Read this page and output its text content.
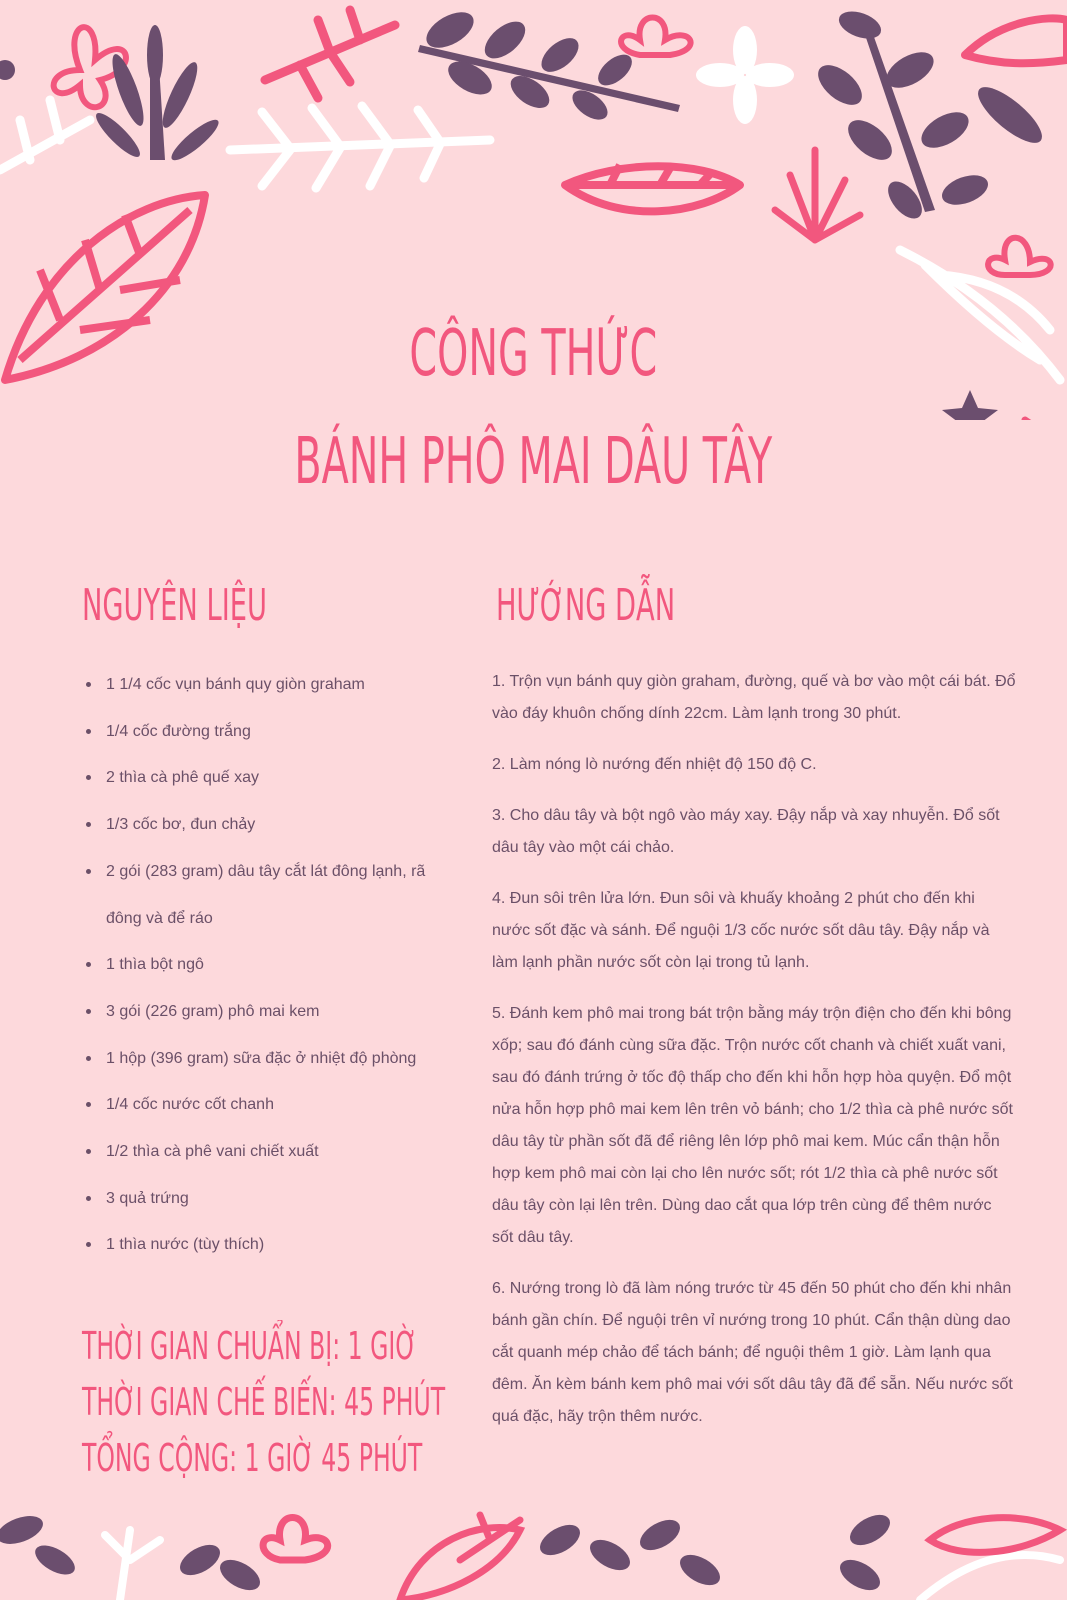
CÔNG THỨC
BÁNH PHÔ MAI DÂU TÂY
NGUYÊN LIỆU	HƯỚNG DẪN
1 1/4 cốc vụn bánh quy giòn graham
1/4 cốc đường trắng
2 thìa cà phê quế xay
1/3 cốc bơ, đun chảy
2 gói (283 gram) dâu tây cắt lát đông lạnh, rã đông và để ráo
1 thìa bột ngô
3 gói (226 gram) phô mai kem
1 hộp (396 gram) sữa đặc ở nhiệt độ phòng
1/4 cốc nước cốt chanh
1/2 thìa cà phê vani chiết xuất
3 quả trứng
1 thìa nước (tùy thích)

1. Trộn vụn bánh quy giòn graham, đường, quế và bơ vào một cái bát. Đổ vào đáy khuôn chống dính 22cm. Làm lạnh trong 30 phút.

2. Làm nóng lò nướng đến nhiệt độ 150 độ C.

3. Cho dâu tây và bột ngô vào máy xay. Đậy nắp và xay nhuyễn. Đổ sốt dâu tây vào một cái chảo.

4. Đun sôi trên lửa lớn. Đun sôi và khuấy khoảng 2 phút cho đến khi nước sốt đặc và sánh. Để nguội 1/3 cốc nước sốt dâu tây. Đậy nắp và làm lạnh phần nước sốt còn lại trong tủ lạnh.

5. Đánh kem phô mai trong bát trộn bằng máy trộn điện cho đến khi bông xốp; sau đó đánh cùng sữa đặc. Trộn nước cốt chanh và chiết xuất vani, sau đó đánh trứng ở tốc độ thấp cho đến khi hỗn hợp hòa quyện. Đổ một nửa hỗn hợp phô mai kem lên trên vỏ bánh; cho 1/2 thìa cà phê nước sốt dâu tây từ phần sốt đã để riêng lên lớp phô mai kem. Múc cẩn thận hỗn hợp kem phô mai còn lại cho lên nước sốt; rót 1/2 thìa cà phê nước sốt dâu tây còn lại lên trên. Dùng dao cắt qua lớp trên cùng để thêm nước sốt dâu tây.

6. Nướng trong lò đã làm nóng trước từ 45 đến 50 phút cho đến khi nhân bánh gần chín. Để nguội trên vỉ nướng trong 10 phút. Cẩn thận dùng dao cắt quanh mép chảo để tách bánh; để nguội thêm 1 giờ. Làm lạnh qua đêm. Ăn kèm bánh kem phô mai với sốt dâu tây đã để sẵn. Nếu nước sốt quá đặc, hãy trộn thêm nước.

THỜI GIAN CHUẨN BỊ: 1 GIỜ
THỜI GIAN CHẾ BIẾN: 45 PHÚT
TỔNG CỘNG: 1 GIỜ 45 PHÚT
